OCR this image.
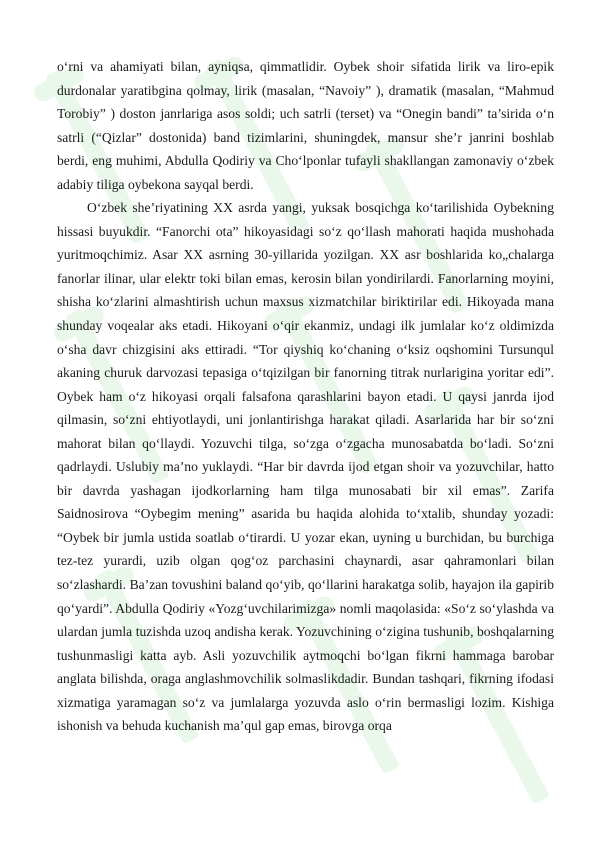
o‘rni va ahamiyati bilan, ayniqsa, qimmatlidir. Oybek shoir sifatida lirik va liro-epik durdonalar yaratibgina qolmay, lirik (masalan, “Navoiy” ), dramatik (masalan, “Mahmud Torobiy” ) doston janrlariga asos soldi; uch satrli (terset) va “Onegin bandi” ta’sirida o‘n satrli (“Qizlar” dostonida) band tizimlarini, shuningdek, mansur she’r janrini boshlab berdi, eng muhimi, Abdulla Qodiriy va Cho‘lponlar tufayli shakllangan zamonaviy o‘zbek adabiy tiliga oybekona sayqal berdi.

O‘zbek she’riyatining XX asrda yangi, yuksak bosqichga ko‘tarilishida Oybekning hissasi buyukdir. “Fanorchi ota” hikoyasidagi so‘z qo‘llash mahorati haqida mushohada yuritmoqchimiz. Asar XX asrning 30-yillarida yozilgan. XX asr boshlarida ko„chalarga fanorlar ilinar, ular elektr toki bilan emas, kerosin bilan yondirilardi. Fanorlarning moyini, shisha ko‘zlarini almashtirish uchun maxsus xizmatchilar biriktirilar edi. Hikoyada mana shunday voqealar aks etadi. Hikoyani o‘qir ekanmiz, undagi ilk jumlalar ko‘z oldimizda o‘sha davr chizgisini aks ettiradi. “Tor qiyshiq ko‘chaning o‘ksiz oqshomini Tursunqul akaning churuk darvozasi tepasiga o‘tqizilgan bir fanorning titrak nurlarigina yoritar edi”. Oybek ham o‘z hikoyasi orqali falsafona qarashlarini bayon etadi. U qaysi janrda ijod qilmasin, so‘zni ehtiyotlaydi, uni jonlantirishga harakat qiladi. Asarlarida har bir so‘zni mahorat bilan qo‘llaydi. Yozuvchi tilga, so‘zga o‘zgacha munosabatda bo‘ladi. So‘zni qadrlaydi. Uslubiy ma’no yuklaydi. “Har bir davrda ijod etgan shoir va yozuvchilar, hatto bir davrda yashagan ijodkorlarning ham tilga munosabati bir xil emas”. Zarifa Saidnosirova “Oybegim mening” asarida bu haqida alohida to‘xtalib, shunday yozadi: “Oybek bir jumla ustida soatlab o‘tirardi. U yozar ekan, uyning u burchidan, bu burchiga tez-tez yurardi, uzib olgan qog‘oz parchasini chaynardi, asar qahramonlari bilan so‘zlashardi. Ba’zan tovushini baland qo‘yib, qo‘llarini harakatga solib, hayajon ila gapirib qo‘yardi”. Abdulla Qodiriy «Yozg‘uvchilarimizga» nomli maqolasida: «So‘z so‘ylashda va ulardan jumla tuzishda uzoq andisha kerak. Yozuvchining o‘zigina tushunib, boshqalarning tushunmasligi katta ayb. Asli yozuvchilik aytmoqchi bo‘lgan fikrni hammaga barobar anglata bilishda, oraga anglashmovchilik solmaslikdadir. Bundan tashqari, fikrning ifodasi xizmatiga yaramagan so‘z va jumlalarga yozuvda aslo o‘rin bermasligi lozim. Kishiga ishonish va behuda kuchanish ma’qul gap emas, birovga orqa
